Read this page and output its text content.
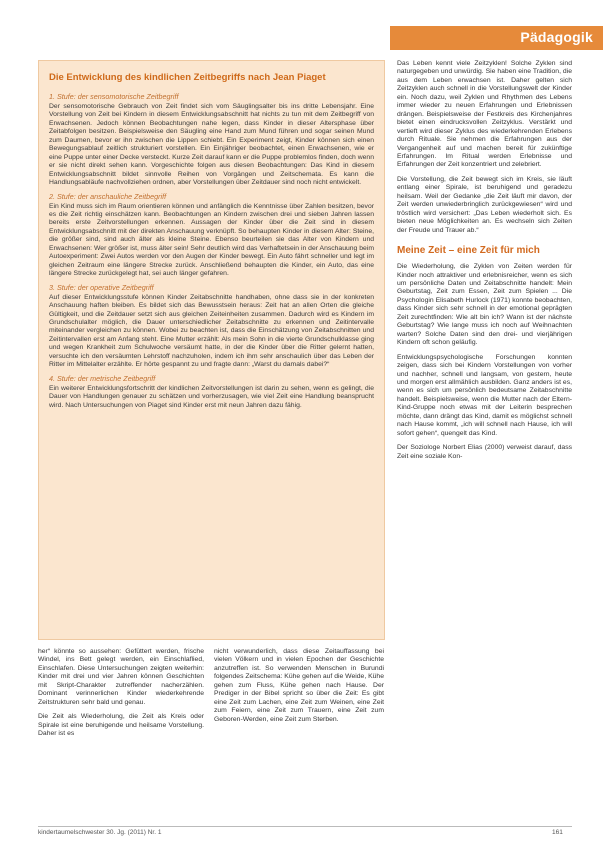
Pädagogik
Die Entwicklung des kindlichen Zeitbegriffs nach Jean Piaget
1. Stufe: der sensomotorische Zeitbegriff

Der sensomotorische Gebrauch von Zeit findet sich vom Säuglingsalter bis ins dritte Lebensjahr. Eine Vorstellung von Zeit bei Kindern in diesem Entwicklungsabschnitt hat nichts zu tun mit dem Zeitbegriff von Erwachsenen. Jedoch können Beobachtungen nahe legen, dass Kinder in dieser Altersphase über Zeitabfolgen besitzen. Beispielsweise den Säugling eine Hand zum Mund führen und sogar seinen Mund zum Daumen, bevor er ihn zwischen die Lippen schiebt. Ein Experiment zeigt, Kinder können sich einen Bewegungsablauf zeitlich strukturiert vorstellen. Ein Einjähriger beobachtet, einen Erwachsenen, wie er eine Puppe unter einer Decke versteckt. Kurze Zeit darauf kann er die Puppe problemlos finden, doch wenn er sie nicht direkt sehen kann. Vorgeschichte folgen aus diesen Beobachtungen: Das Kind in diesem Entwicklungsabschnitt bildet sinnvolle Reihen von Vorgängen und Zeitschemata. Es kann die Handlungsabläufe nachvollziehen ordnen, aber Vorstellungen über Zeitdauer sind noch nicht entwickelt.

2. Stufe: der anschauliche Zeitbegriff

Ein Kind muss sich im Raum orientieren können und anfänglich die Kenntnisse über Zahlen besitzen, bevor es die Zeit richtig einschätzen kann. Beobachtungen an Kindern zwischen drei und sieben Jahren lassen bereits erste Zeitvorstellungen erkennen. Aussagen der Kinder über die Zeit sind in diesem Entwicklungsabschnitt mit der direkten Anschauung verknüpft. So behaupten Kinder in diesem Alter: Steine, die größer sind, sind auch älter als kleine Steine. Ebenso beurteilen sie das Alter von Kindern und Erwachsenen: Wer größer ist, muss älter sein! Sehr deutlich wird das Verhaftetsein in der Anschauung beim Autoexperiment: Zwei Autos werden vor den Augen der Kinder bewegt. Ein Auto fährt schneller und legt im gleichen Zeitraum eine längere Strecke zurück. Anschließend behaupten die Kinder, ein Auto, das eine längere Strecke zurückgelegt hat, sei auch länger gefahren.

3. Stufe: der operative Zeitbegriff

Auf dieser Entwicklungsstufe können Kinder Zeitabschnitte handhaben, ohne dass sie in der konkreten Anschauung haften bleiben. Es bildet sich das Bewusstsein heraus: Zeit hat an allen Orten die gleiche Gültigkeit, und die Zeitdauer setzt sich aus gleichen Zeiteinheiten zusammen. Dadurch wird es Kindern im Grundschulalter möglich, die Dauer unterschiedlicher Zeitabschnitte zu erkennen und Zeitintervalle miteinander vergleichen zu können. Wobei zu beachten ist, dass die Einschätzung von Zeitabschnitten und Zeitintervallen erst am Anfang steht. Eine Mutter erzählt: Als mein Sohn in die vierte Grundschulklasse ging und wegen Krankheit zum Schulwoche versäumt hatte, in der die Kinder über die Ritter gelernt hatten, versuchte ich den versäumten Lehrstoff nachzuholen, indem ich ihm sehr anschaulich über das Leben der Ritter im Mittelalter erzählte. Er hörte gespannt zu und fragte dann: „Warst du damals dabei?“

4. Stufe: der metrische Zeitbegriff

Ein weiterer Entwicklungsfortschritt der kindlichen Zeitvorstellungen ist darin zu sehen, wenn es gelingt, die Dauer von Handlungen genauer zu schätzen und vorherzusagen, wie viel Zeit eine Handlung beansprucht wird. Nach Untersuchungen von Piaget sind Kinder erst mit neun Jahren dazu fähig.

her“ könnte so aussehen: Gefüttert werden, frische Windel, ins Bett gelegt werden, ein Einschlaflied, Einschlafen. Diese Untersuchungen zeigten weiterhin: Kinder mit drei und vier Jahren können Geschichten mit Skript-Charakter zutreffender nacherzählen. Dominant verinnerlichen Kinder wiederkehrende Zeitstrukturen sehr bald und genau.

Die Zeit als Wiederholung, die Zeit als Kreis oder Spirale ist eine beruhigende und heilsame Vorstellung. Daher ist es

nicht verwunderlich, dass diese Zeitauffassung bei vielen Völkern und in vielen Epochen der Geschichte anzutreffen ist. So verwenden Menschen in Burundi folgendes Zeitschema: Kühe gehen auf die Weide, Kühe gehen zum Fluss, Kühe gehen nach Hause. Der Prediger in der Bibel spricht so über die Zeit: Es gibt eine Zeit zum Lachen, eine Zeit zum Weinen, eine Zeit zum Feiern, eine Zeit zum Trauern, eine Zeit zum Geboren-Werden, eine Zeit zum Sterben.

Das Leben kennt viele Zeitzyklen! Solche Zyklen sind naturgegeben und unwürdig. Sie haben eine Tradition, die aus dem Leben erwachsen ist. Daher gelten sich Zeitzyklen auch schnell in die Vorstellungswelt der Kinder ein. Noch dazu, weil Zyklen und Rhythmen des Lebens immer wieder zu neuen Erfahrungen und Erlebnissen drängen. Beispielsweise der Festkreis des Kirchenjahres bietet einen eindrucksvollen Zeitzyklus. Verstärkt und vertieft wird dieser Zyklus des wiederkehrenden Erlebens durch Rituale. Sie nehmen die Erfahrungen aus der Vergangenheit auf und machen bereit für zukünftige Erfahrungen. Im Ritual werden Erlebnisse und Erfahrungen der Zeit konzentriert und zelebriert.

Die Vorstellung, die Zeit bewegt sich im Kreis, sie läuft entlang einer Spirale, ist beruhigend und geradezu heilsam. Weil der Gedanke „die Zeit läuft mir davon, der Zeit werden unwiederbringlich zurückgewiesen“ wird und tröstlich wird versichert: „Das Leben wiederholt sich. Es bieten neue Möglichkeiten an. Es wechseln sich Zeiten der Freude und Trauer ab.“

Meine Zeit – eine Zeit für mich

Die Wiederholung, die Zyklen von Zeiten werden für Kinder noch attraktiver und erlebnisreicher, wenn es sich um persönliche Daten und Zeitabschnitte handelt: Mein Geburtstag, Zeit zum Essen, Zeit zum Spielen ... Die Psychologin Elisabeth Hurlock (1971) konnte beobachten, dass Kinder sich sehr schnell in der emotional geprägten Zeit zurechtfinden: Wie alt bin ich? Wann ist der nächste Geburtstag? Wie lange muss ich noch auf Weihnachten warten? Solche Daten sind den drei- und vierjährigen Kindern oft schon geläufig.

Entwicklungspsychologische Forschungen konnten zeigen, dass sich bei Kindern Vorstellungen von vorher und nachher, schnell und langsam, von gestern, heute und morgen erst allmählich ausbilden. Ganz anders ist es, wenn es sich um persönlich bedeutsame Zeitabschnitte handelt. Beispielsweise, wenn die Mutter nach der Eltern-Kind-Gruppe noch etwas mit der Leiterin besprechen möchte, dann drängt das Kind, damit es möglichst schnell nach Hause kommt, „ich will schnell nach Hause, ich will sofort gehen“, quengelt das Kind.

Der Soziologe Norbert Elias (2000) verweist darauf, dass Zeit eine soziale Kon-

kindertaumelschwester 30. Jg. (2011) Nr. 1	161
